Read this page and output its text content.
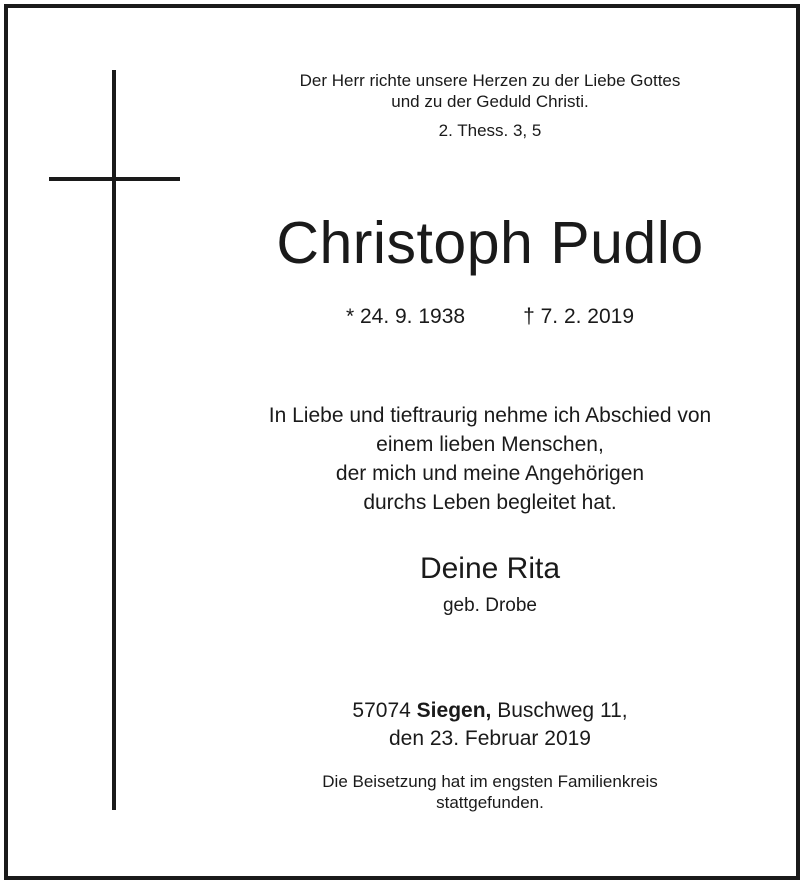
Der Herr richte unsere Herzen zu der Liebe Gottes
und zu der Geduld Christi.
2. Thess. 3, 5
Christoph Pudlo
* 24. 9. 1938	† 7. 2. 2019
In Liebe und tieftraurig nehme ich Abschied von
einem lieben Menschen,
der mich und meine Angehörigen
durchs Leben begleitet hat.
Deine Rita
geb. Drobe
57074 Siegen, Buschweg 11,
den 23. Februar 2019
Die Beisetzung hat im engsten Familienkreis
stattgefunden.
